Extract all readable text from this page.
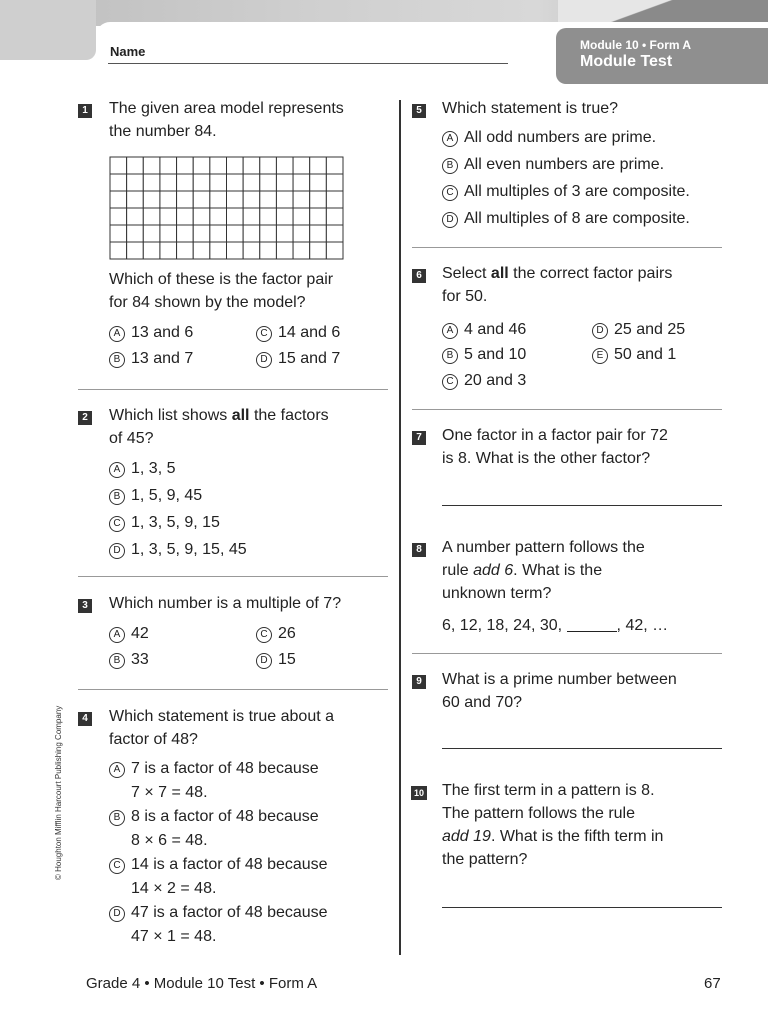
Name	Module 10 • Form A
Module Test
1 The given area model represents
the number 84.
Which of these is the factor pair
for 84 shown by the model?
A 13 and 6
B 13 and 7
C 14 and 6
D 15 and 7
2 Which list shows all the factors
of 45?
A 1, 3, 5
B 1, 5, 9, 45
C 1, 3, 5, 9, 15
D 1, 3, 5, 9, 15, 45
3 Which number is a multiple of 7?
A 42
B 33
C 26
D 15
4 Which statement is true about a
factor of 48?
A 7 is a factor of 48 because
7 × 7 = 48.
B 8 is a factor of 48 because
8 × 6 = 48.
C 14 is a factor of 48 because
14 × 2 = 48.
D 47 is a factor of 48 because
47 × 1 = 48.
5 Which statement is true?
A All odd numbers are prime.
B All even numbers are prime.
C All multiples of 3 are composite.
D All multiples of 8 are composite.
6 Select all the correct factor pairs
for 50.
A 4 and 46
B 5 and 10
C 20 and 3
D 25 and 25
E 50 and 1
7 One factor in a factor pair for 72
is 8. What is the other factor?
8 A number pattern follows the
rule add 6. What is the
unknown term?
6, 12, 18, 24, 30,	, 42, …
9 What is a prime number between
60 and 70?
10 The first term in a pattern is 8.
The pattern follows the rule
add 19. What is the fifth term in
the pattern?
© Houghton Mifflin Harcourt Publishing Company
Grade 4 • Module 10 Test • Form A	67
